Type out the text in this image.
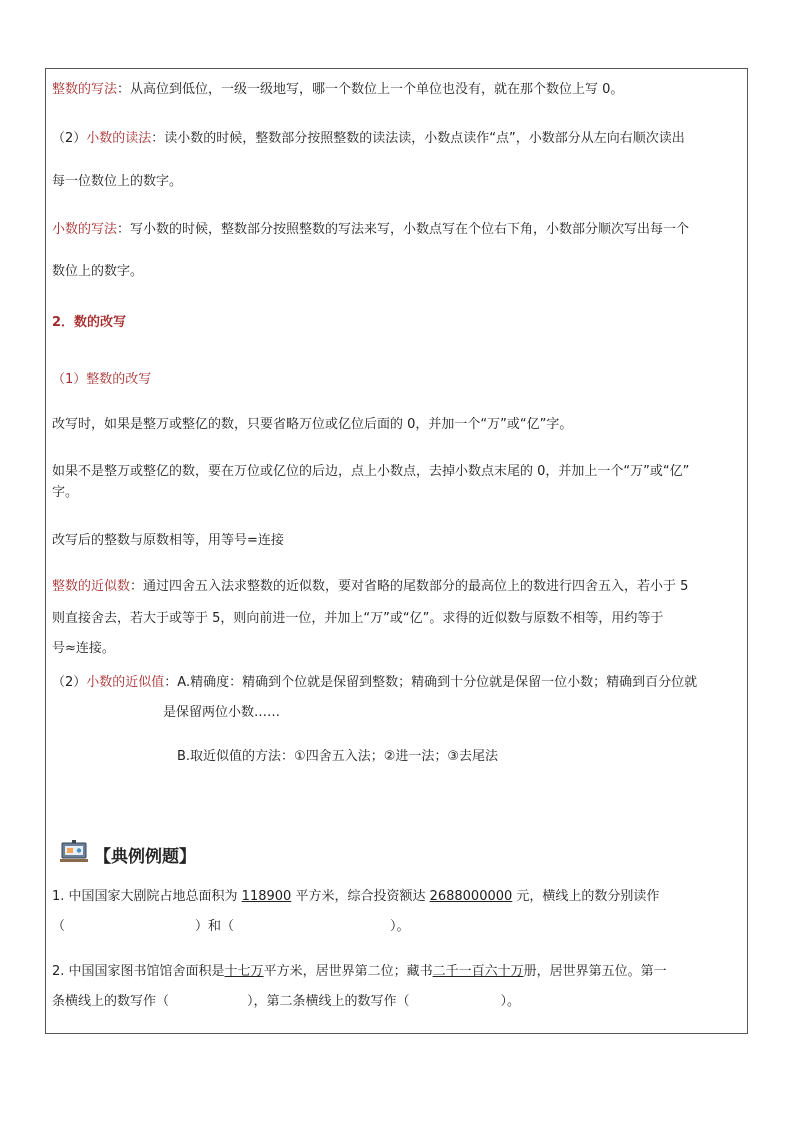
整数的写法：从高位到低位，一级一级地写，哪一个数位上一个单位也没有，就在那个数位上写 0。
（2）小数的读法：读小数的时候，整数部分按照整数的读法读，小数点读作“点”，小数部分从左向右顺次读出
每一位数位上的数字。
小数的写法：写小数的时候，整数部分按照整数的写法来写，小数点写在个位右下角，小数部分顺次写出每一个
数位上的数字。
2．数的改写
（1）整数的改写
改写时，如果是整万或整亿的数，只要省略万位或亿位后面的 0，并加一个“万”或“亿”字。
如果不是整万或整亿的数，要在万位或亿位的后边，点上小数点，去掉小数点末尾的 0，并加上一个“万”或“亿”
字。
改写后的整数与原数相等，用等号=连接
整数的近似数：通过四舍五入法求整数的近似数，要对省略的尾数部分的最高位上的数进行四舍五入，若小于 5
则直接舍去，若大于或等于 5，则向前进一位，并加上“万”或“亿”。求得的近似数与原数不相等，用约等于
号≈连接。
（2）小数的近似值：A.精确度：精确到个位就是保留到整数；精确到十分位就是保留一位小数；精确到百分位就
是保留两位小数……
B.取近似值的方法：①四舍五入法；②进一法；③去尾法
【典例例题】
1. 中国国家大剧院占地总面积为 118900 平方米，综合投资额达 2688000000 元，横线上的数分别读作
（　　　　　　　　　　）和（　　　　　　　　　　　　）。
2. 中国国家图书馆馆舍面积是十七万平方米，居世界第二位；藏书二千一百六十万册，居世界第五位。第一
条横线上的数写作（　　　　　　），第二条横线上的数写作（　　　　　　　）。
